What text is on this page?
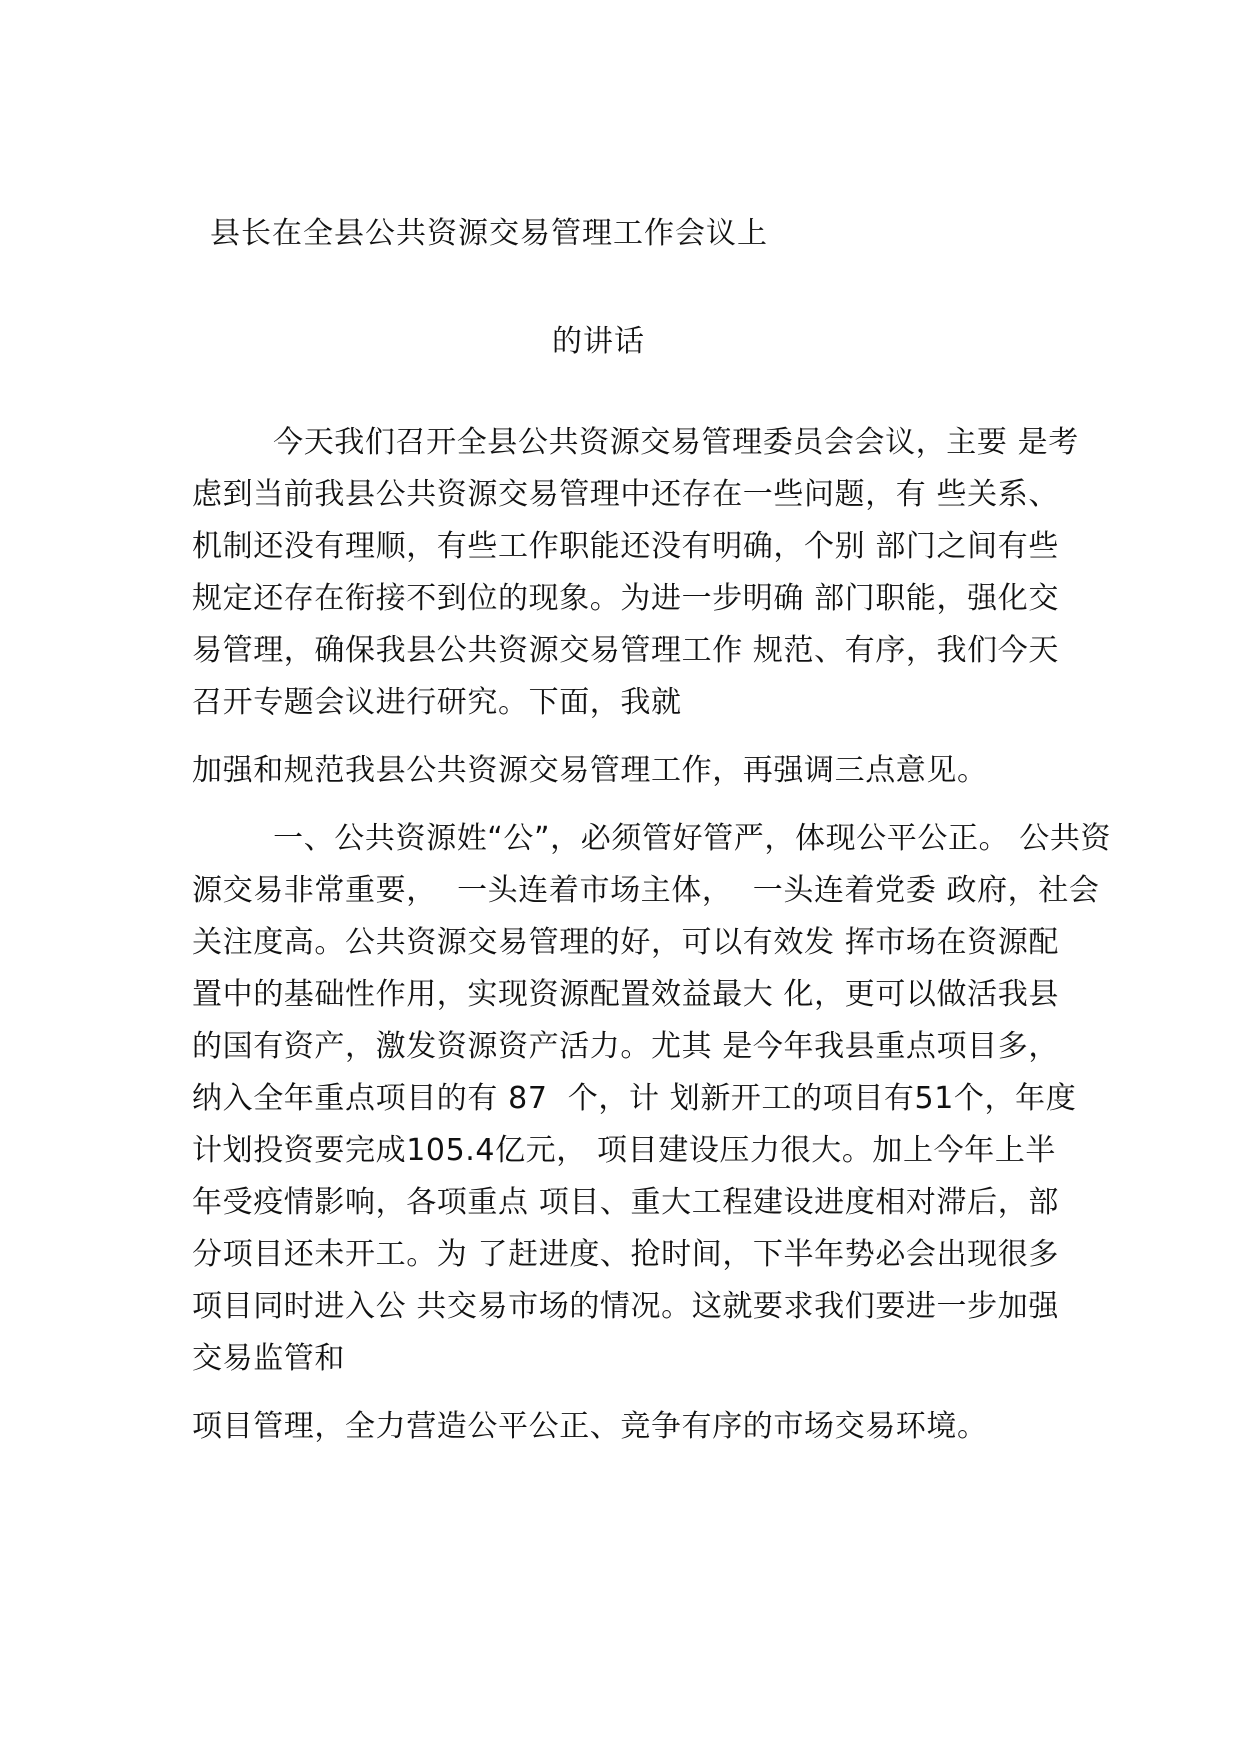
县长在全县公共资源交易管理工作会议上
的讲话
今天我们召开全县公共资源交易管理委员会会议，主要 是考
虑到当前我县公共资源交易管理中还存在一些问题，有 些关系、
机制还没有理顺，有些工作职能还没有明确，个别 部门之间有些
规定还存在衔接不到位的现象。为进一步明确 部门职能，强化交
易管理，确保我县公共资源交易管理工作 规范、有序，我们今天
召开专题会议进行研究。下面，我就
加强和规范我县公共资源交易管理工作，再强调三点意见。
一、公共资源姓“公”，必须管好管严，体现公平公正。 公共资
源交易非常重要，  一头连着市场主体，  一头连着党委 政府，社会
关注度高。公共资源交易管理的好，可以有效发 挥市场在资源配
置中的基础性作用，实现资源配置效益最大 化，更可以做活我县
的国有资产，激发资源资产活力。尤其 是今年我县重点项目多，
纳入全年重点项目的有 87  个，计 划新开工的项目有51个，年度
计划投资要完成105.4亿元， 项目建设压力很大。加上今年上半
年受疫情影响，各项重点 项目、重大工程建设进度相对滞后，部
分项目还未开工。为 了赶进度、抢时间，下半年势必会出现很多
项目同时进入公 共交易市场的情况。这就要求我们要进一步加强
交易监管和
项目管理，全力营造公平公正、竞争有序的市场交易环境。
